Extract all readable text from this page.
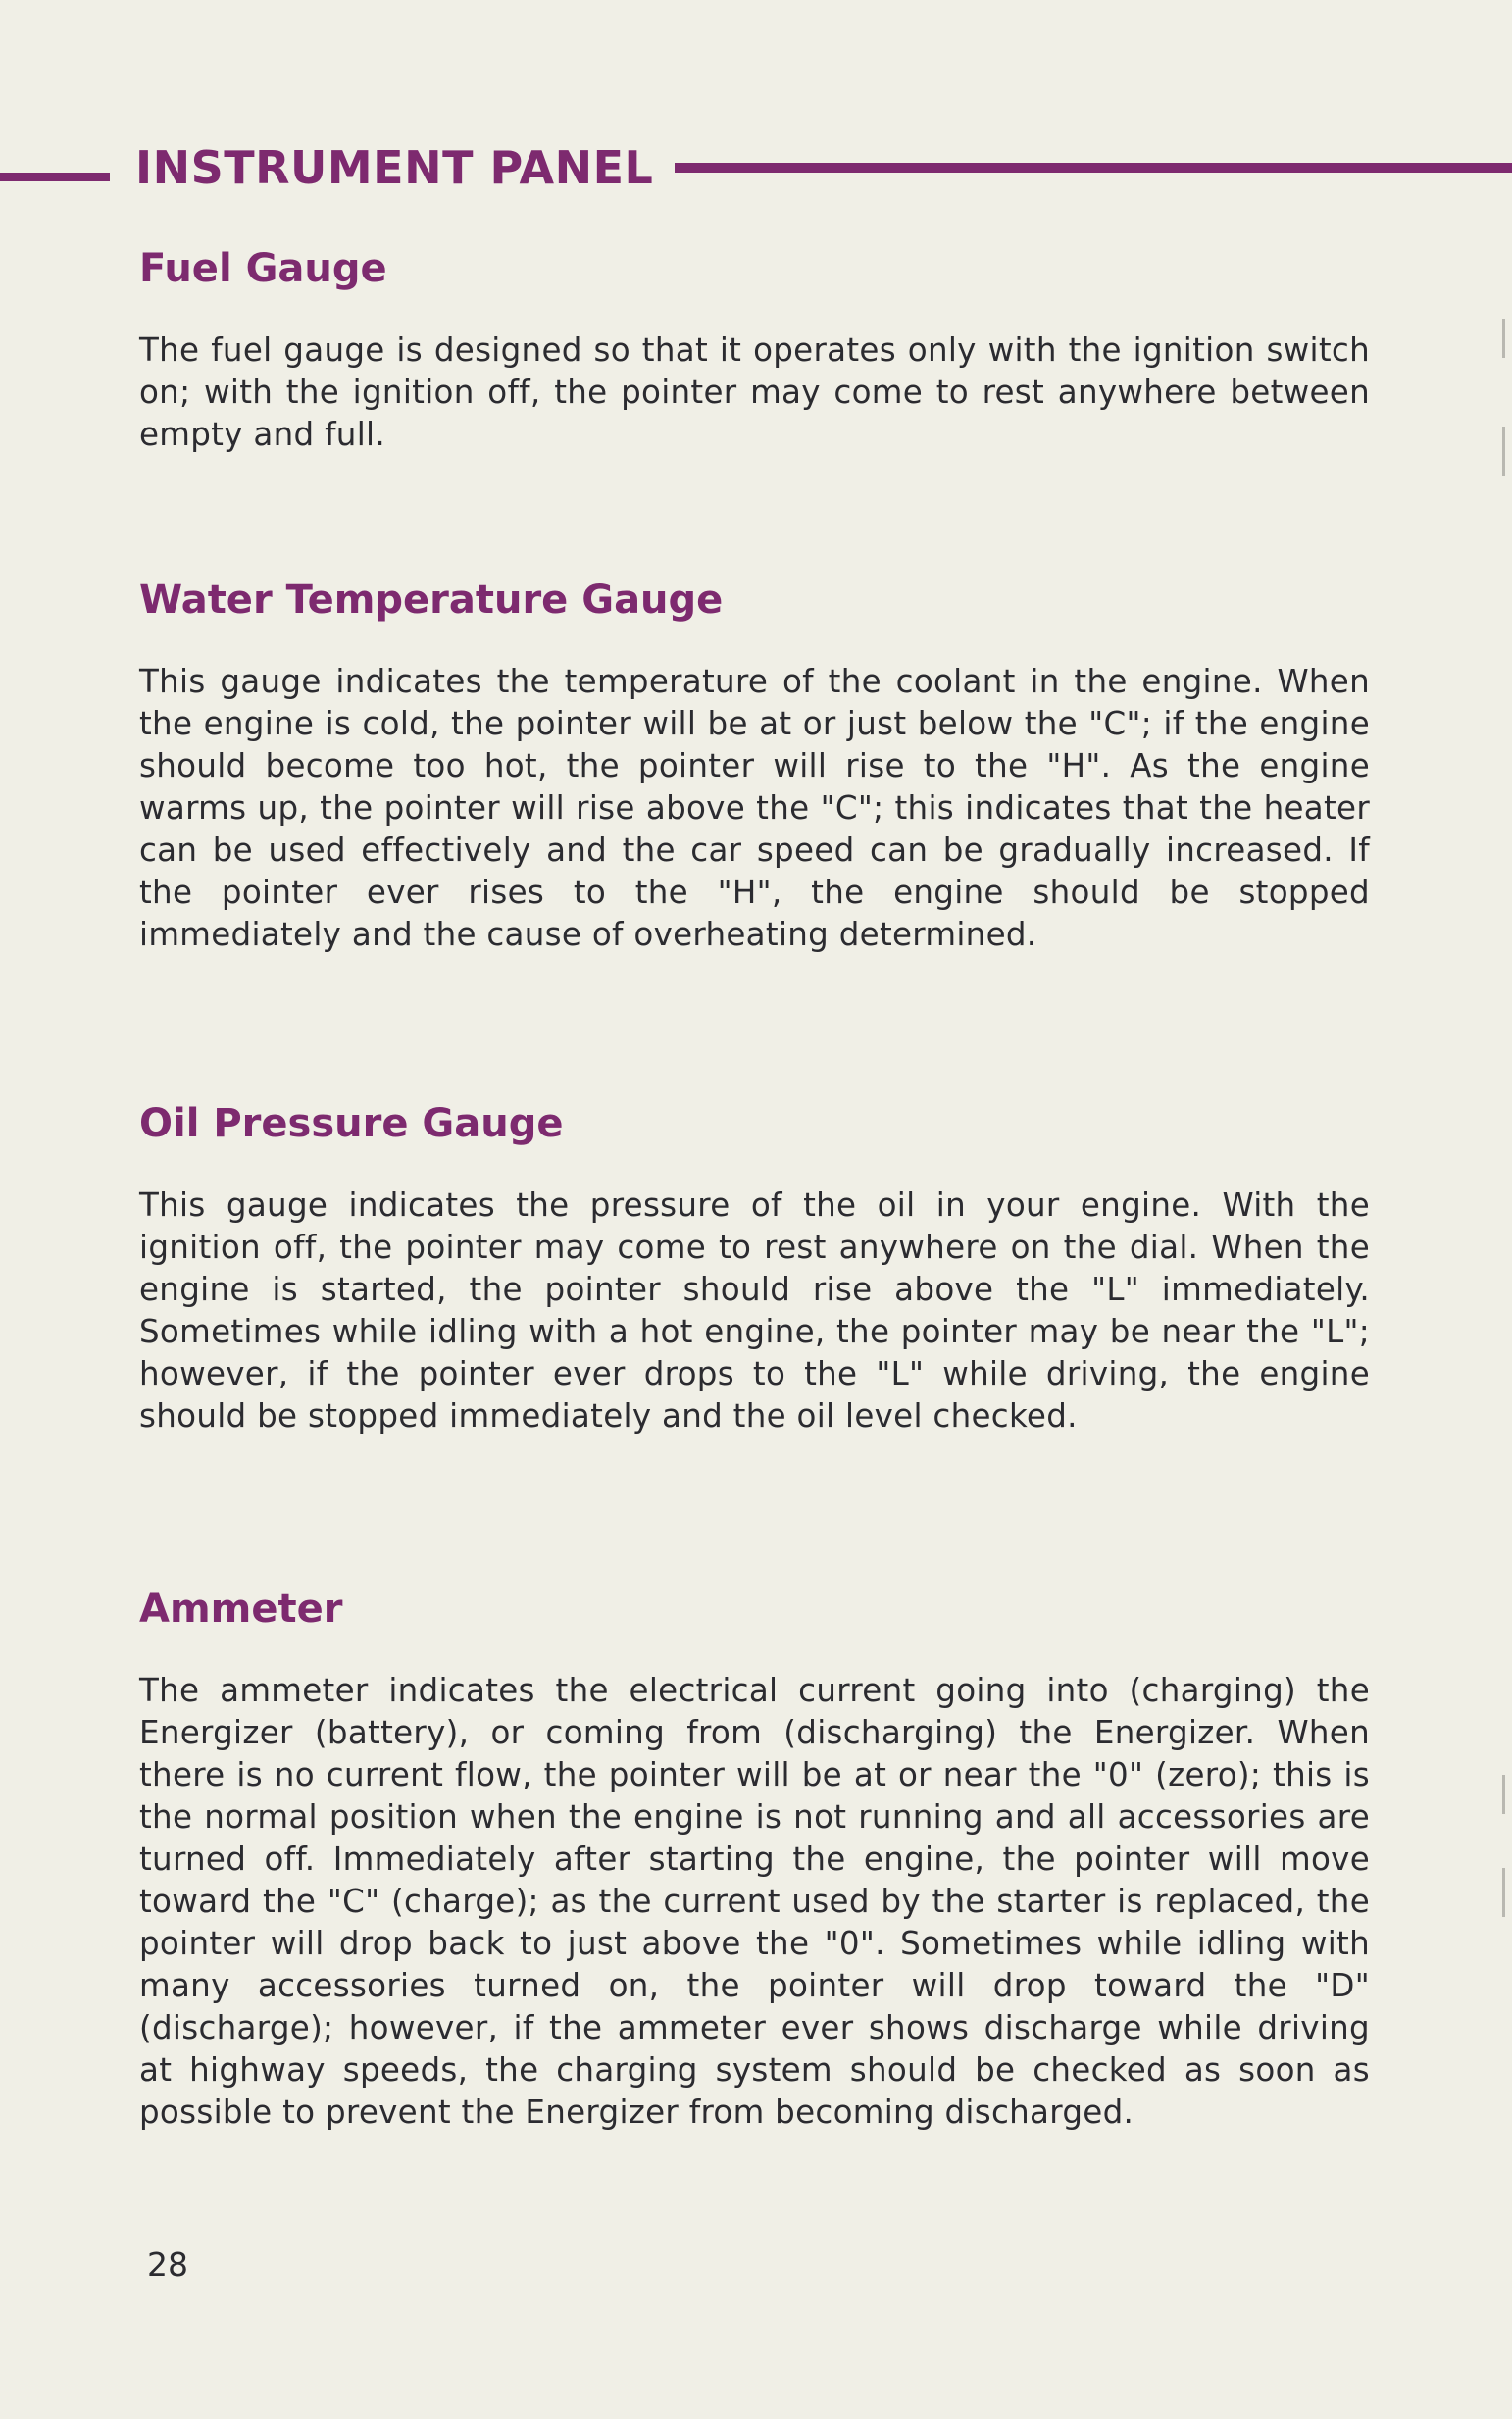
INSTRUMENT PANEL
Fuel Gauge

The fuel gauge is designed so that it operates only with the ignition switch on; with the ignition off, the pointer may come to rest anywhere between empty and full.

Water Temperature Gauge

This gauge indicates the temperature of the coolant in the engine. When the engine is cold, the pointer will be at or just below the "C"; if the engine should become too hot, the pointer will rise to the "H". As the engine warms up, the pointer will rise above the "C"; this indicates that the heater can be used effectively and the car speed can be gradually increased. If the pointer ever rises to the "H", the engine should be stopped immediately and the cause of overheating determined.

Oil Pressure Gauge

This gauge indicates the pressure of the oil in your engine. With the ignition off, the pointer may come to rest anywhere on the dial. When the engine is started, the pointer should rise above the "L" immediately. Sometimes while idling with a hot engine, the pointer may be near the "L"; however, if the pointer ever drops to the "L" while driving, the engine should be stopped immediately and the oil level checked.

Ammeter

The ammeter indicates the electrical current going into (charging) the Energizer (battery), or coming from (discharging) the Energizer. When there is no current flow, the pointer will be at or near the "0" (zero); this is the normal position when the engine is not running and all accessories are turned off. Immediately after starting the engine, the pointer will move toward the "C" (charge); as the current used by the starter is replaced, the pointer will drop back to just above the "0". Sometimes while idling with many accessories turned on, the pointer will drop toward the "D" (discharge); however, if the ammeter ever shows discharge while driving at highway speeds, the charging system should be checked as soon as possible to prevent the Energizer from becoming discharged.

28
